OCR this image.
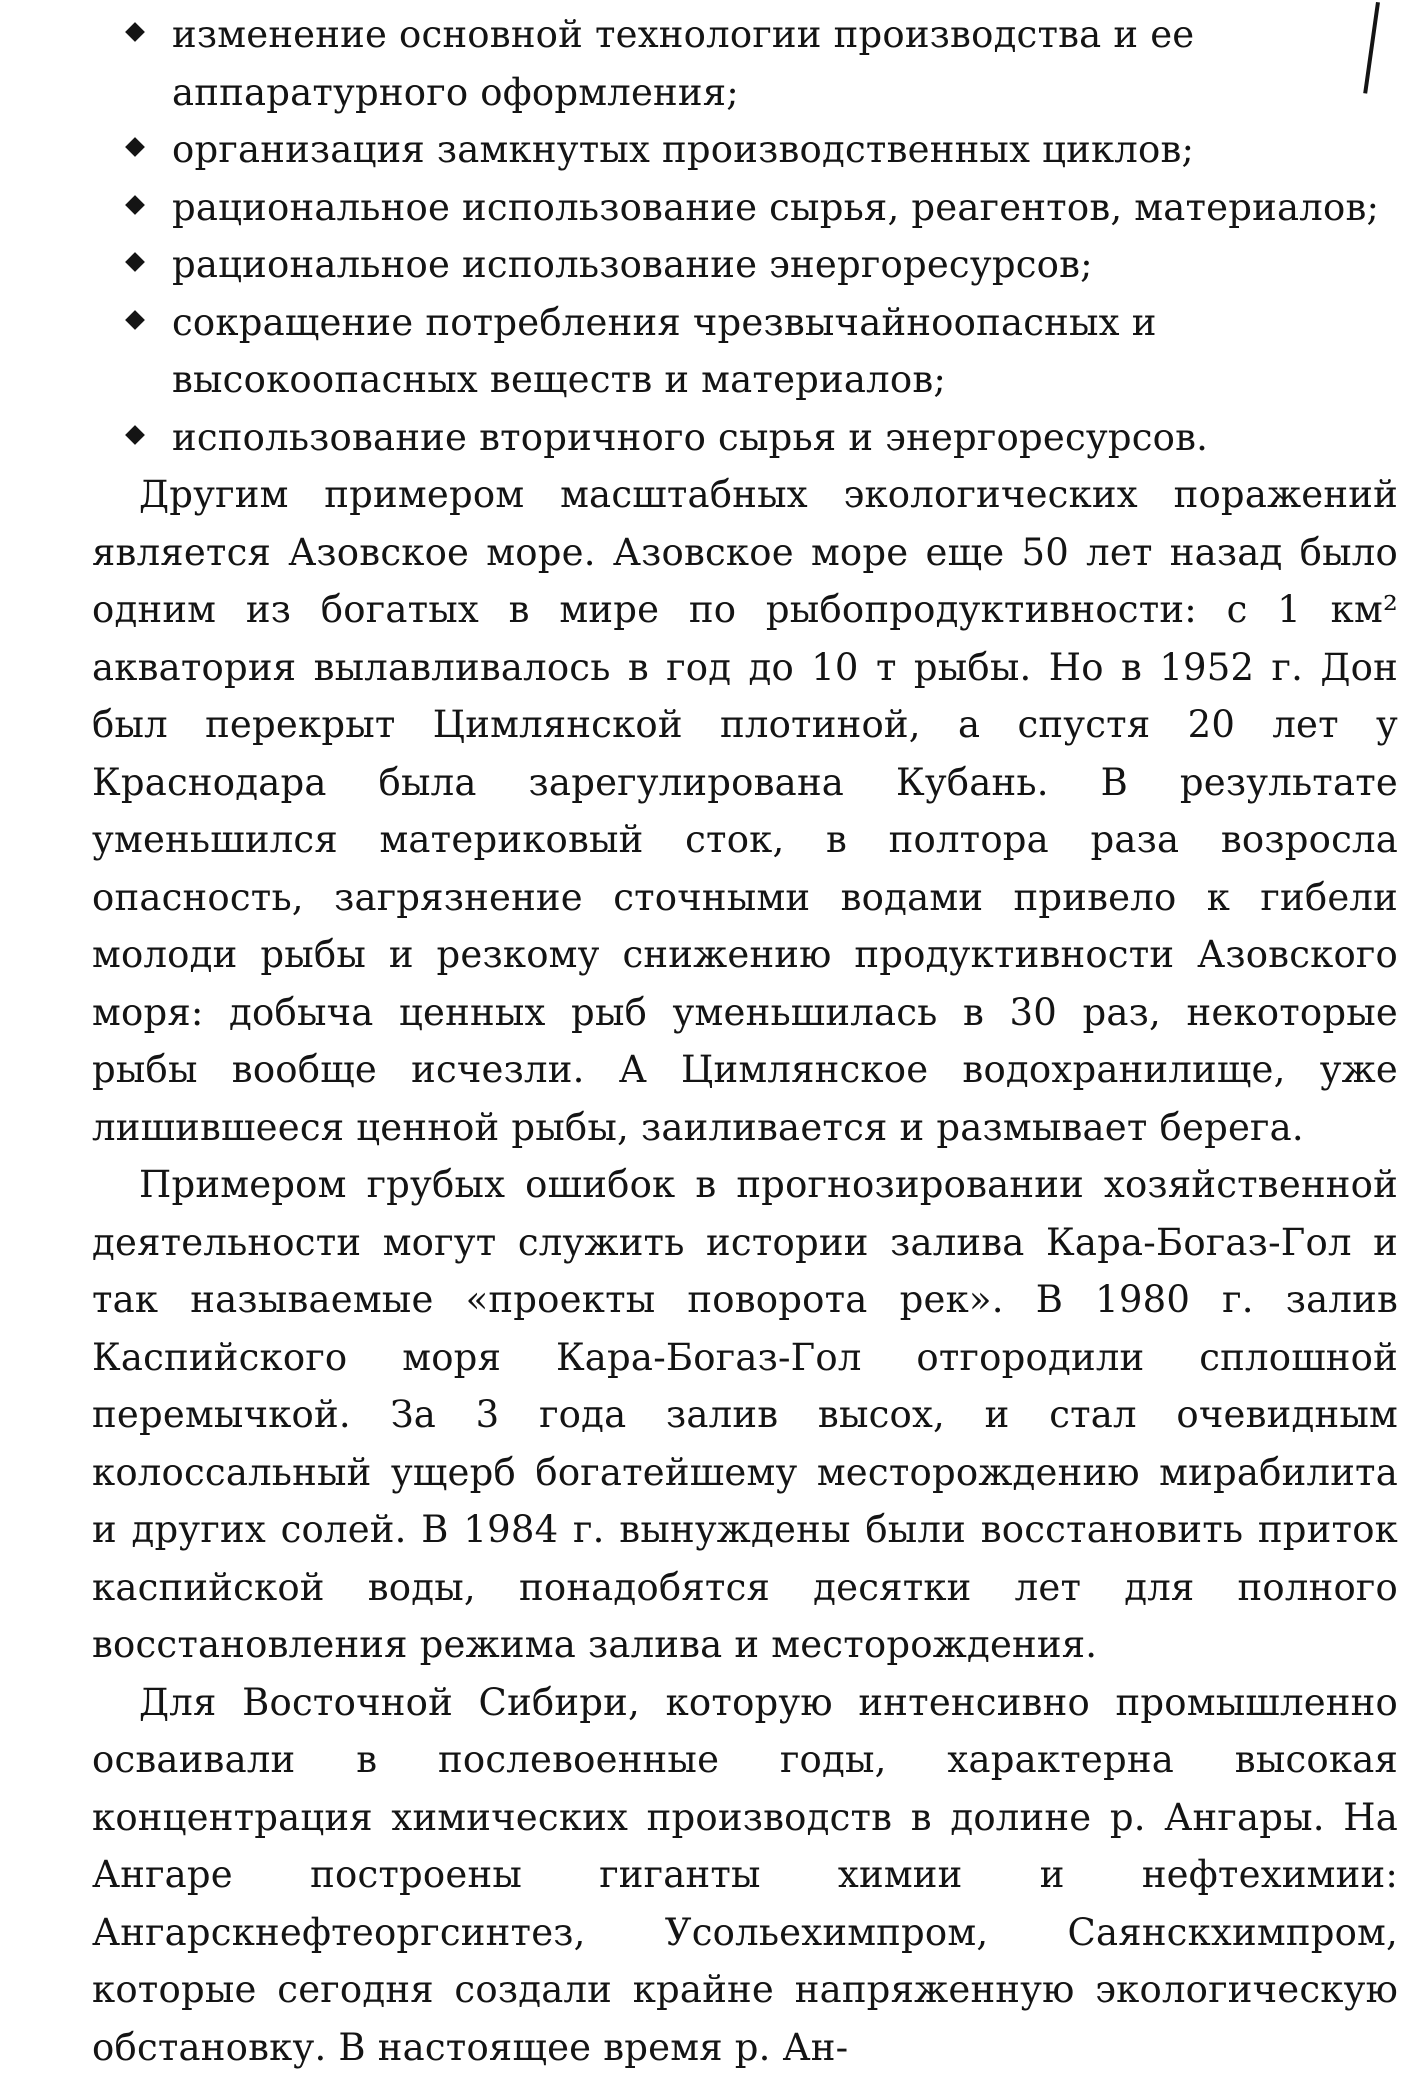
изменение основной технологии производства и ее аппаратурного оформления;
организация замкнутых производственных циклов;
рациональное использование сырья, реагентов, материалов;
рациональное использование энергоресурсов;
сокращение потребления чрезвычайноопасных и высокоопасных веществ и материалов;
использование вторичного сырья и энергоресурсов.

Другим примером масштабных экологических поражений является Азовское море. Азовское море еще 50 лет назад было одним из богатых в мире по рыбопродуктивности: с 1 км² акватория вылавливалось в год до 10 т рыбы. Но в 1952 г. Дон был перекрыт Цимлянской плотиной, а спустя 20 лет у Краснодара была зарегулирована Кубань. В результате уменьшился материковый сток, в полтора раза возросла опасность, загрязнение сточными водами привело к гибели молоди рыбы и резкому снижению продуктивности Азовского моря: добыча ценных рыб уменьшилась в 30 раз, некоторые рыбы вообще исчезли. А Цимлянское водохранилище, уже лишившееся ценной рыбы, заиливается и размывает берега.

Примером грубых ошибок в прогнозировании хозяйственной деятельности могут служить истории залива Кара-Богаз-Гол и так называемые «проекты поворота рек». В 1980 г. залив Каспийского моря Кара-Богаз-Гол отгородили сплошной перемычкой. За 3 года залив высох, и стал очевидным колоссальный ущерб богатейшему месторождению мирабилита и других солей. В 1984 г. вынуждены были восстановить приток каспийской воды, понадобятся десятки лет для полного восстановления режима залива и месторождения.

Для Восточной Сибири, которую интенсивно промышленно осваивали в послевоенные годы, характерна высокая концентрация химических производств в долине р. Ангары. На Ангаре построены гиганты химии и нефтехимии: Ангарскнефтеоргсинтез, Усольехимпром, Саянскхимпром, которые сегодня создали крайне напряженную экологическую обстановку. В настоящее время р. Ан-
